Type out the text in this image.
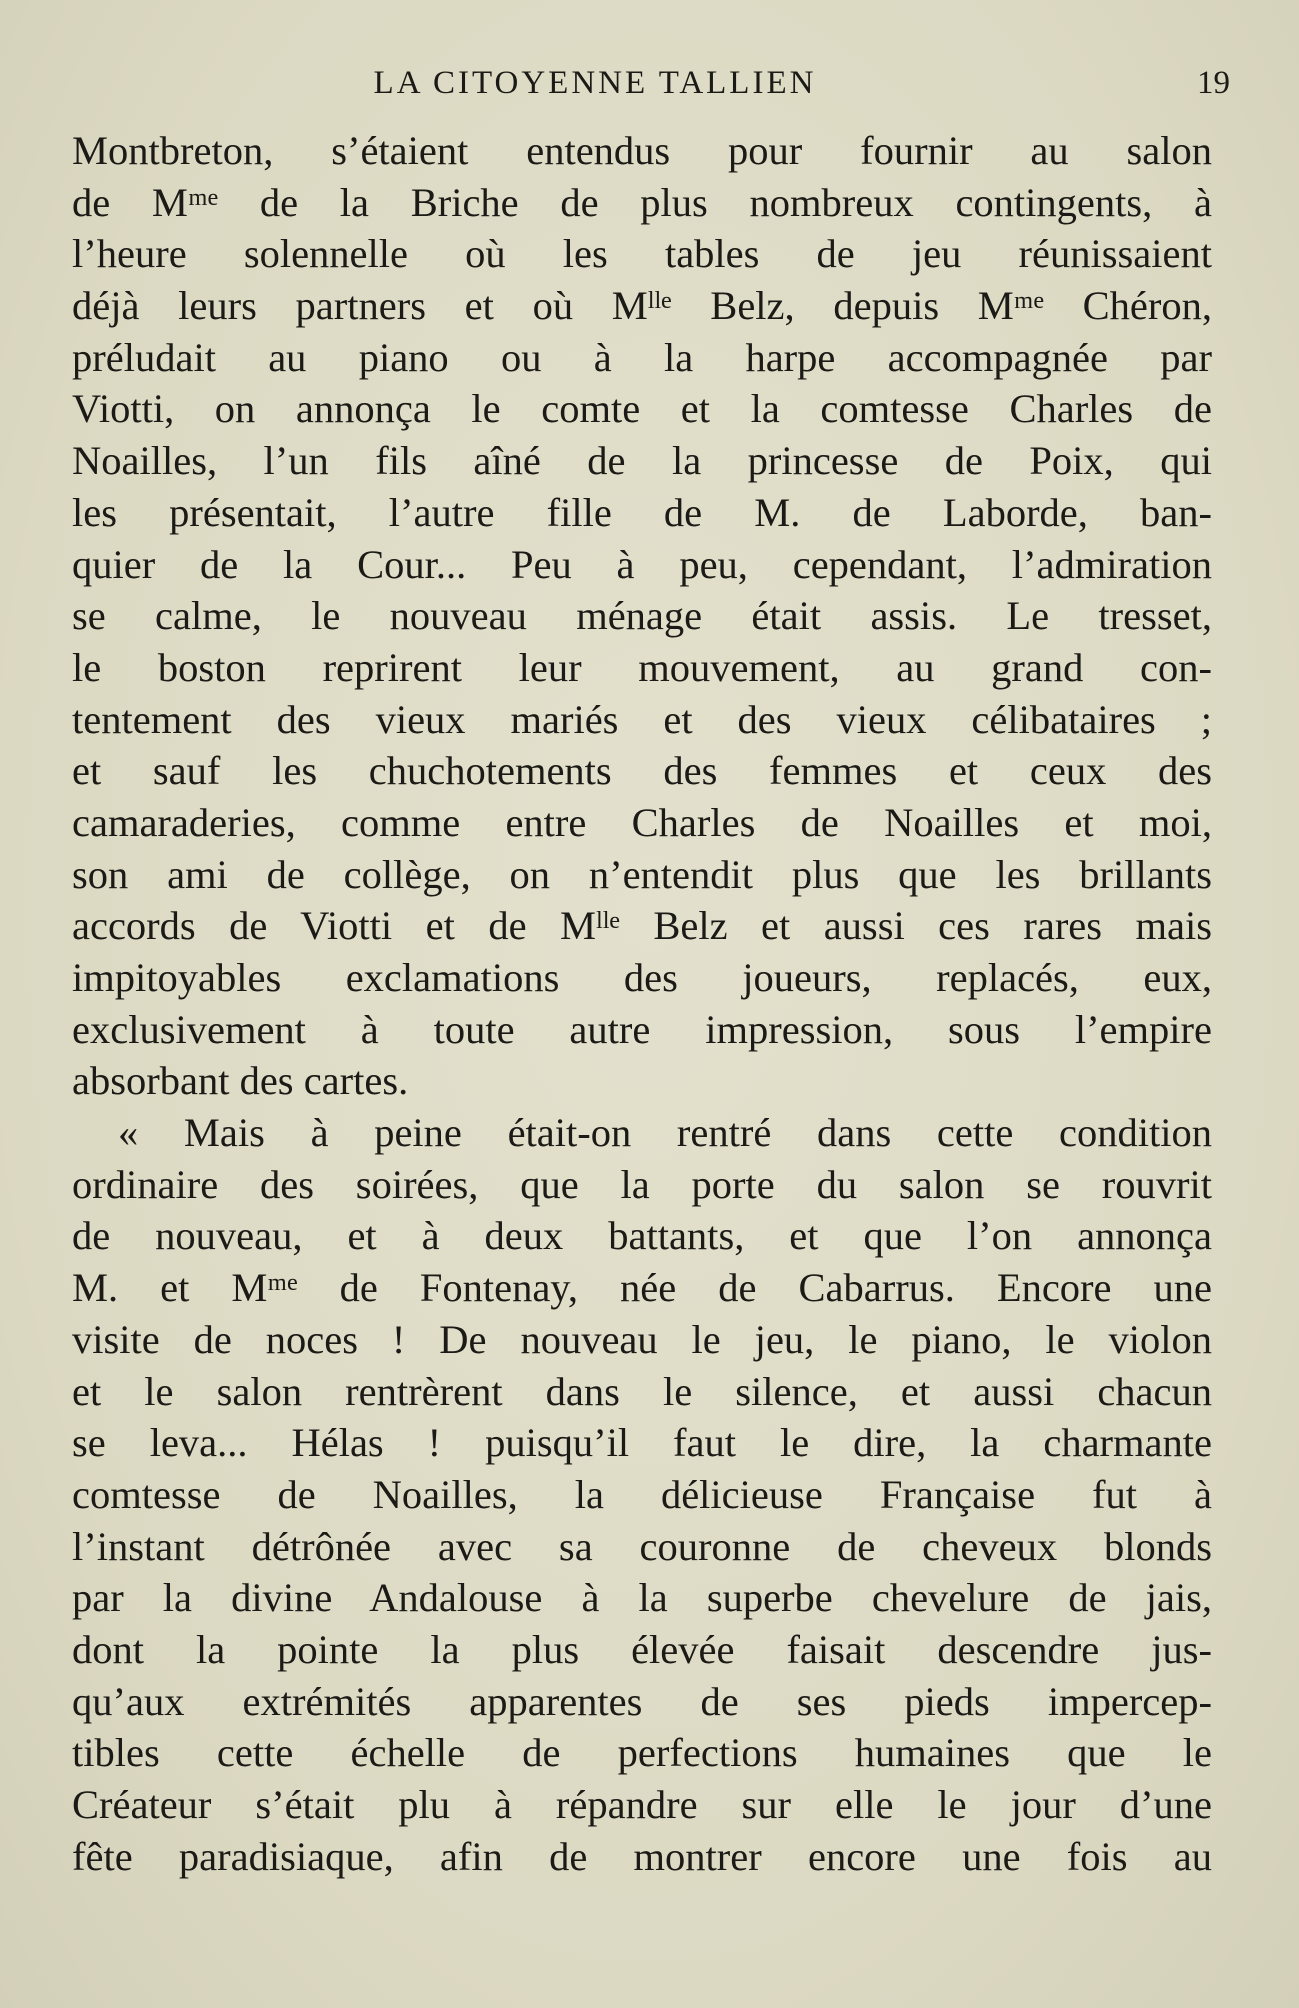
LA CITOYENNE TALLIEN	19
Montbreton, s’étaient entendus pour fournir au salon
de Mᵐᵉ de la Briche de plus nombreux contingents, à
l’heure solennelle où les tables de jeu réunissaient
déjà leurs partners et où Mˡˡᵉ Belz, depuis Mᵐᵉ Chéron,
préludait au piano ou à la harpe accompagnée par
Viotti, on annonça le comte et la comtesse Charles de
Noailles, l’un fils aîné de la princesse de Poix, qui
les présentait, l’autre fille de M. de Laborde, ban-
quier de la Cour... Peu à peu, cependant, l’admiration
se calme, le nouveau ménage était assis. Le tresset,
le boston reprirent leur mouvement, au grand con-
tentement des vieux mariés et des vieux célibataires ;
et sauf les chuchotements des femmes et ceux des
camaraderies, comme entre Charles de Noailles et moi,
son ami de collège, on n’entendit plus que les brillants
accords de Viotti et de Mˡˡᵉ Belz et aussi ces rares mais
impitoyables exclamations des joueurs, replacés, eux,
exclusivement à toute autre impression, sous l’empire
absorbant des cartes.
« Mais à peine était-on rentré dans cette condition
ordinaire des soirées, que la porte du salon se rouvrit
de nouveau, et à deux battants, et que l’on annonça
M. et Mᵐᵉ de Fontenay, née de Cabarrus. Encore une
visite de noces ! De nouveau le jeu, le piano, le violon
et le salon rentrèrent dans le silence, et aussi chacun
se leva... Hélas ! puisqu’il faut le dire, la charmante
comtesse de Noailles, la délicieuse Française fut à
l’instant détrônée avec sa couronne de cheveux blonds
par la divine Andalouse à la superbe chevelure de jais,
dont la pointe la plus élevée faisait descendre jus-
qu’aux extrémités apparentes de ses pieds impercep-
tibles cette échelle de perfections humaines que le
Créateur s’était plu à répandre sur elle le jour d’une
fête paradisiaque, afin de montrer encore une fois au
